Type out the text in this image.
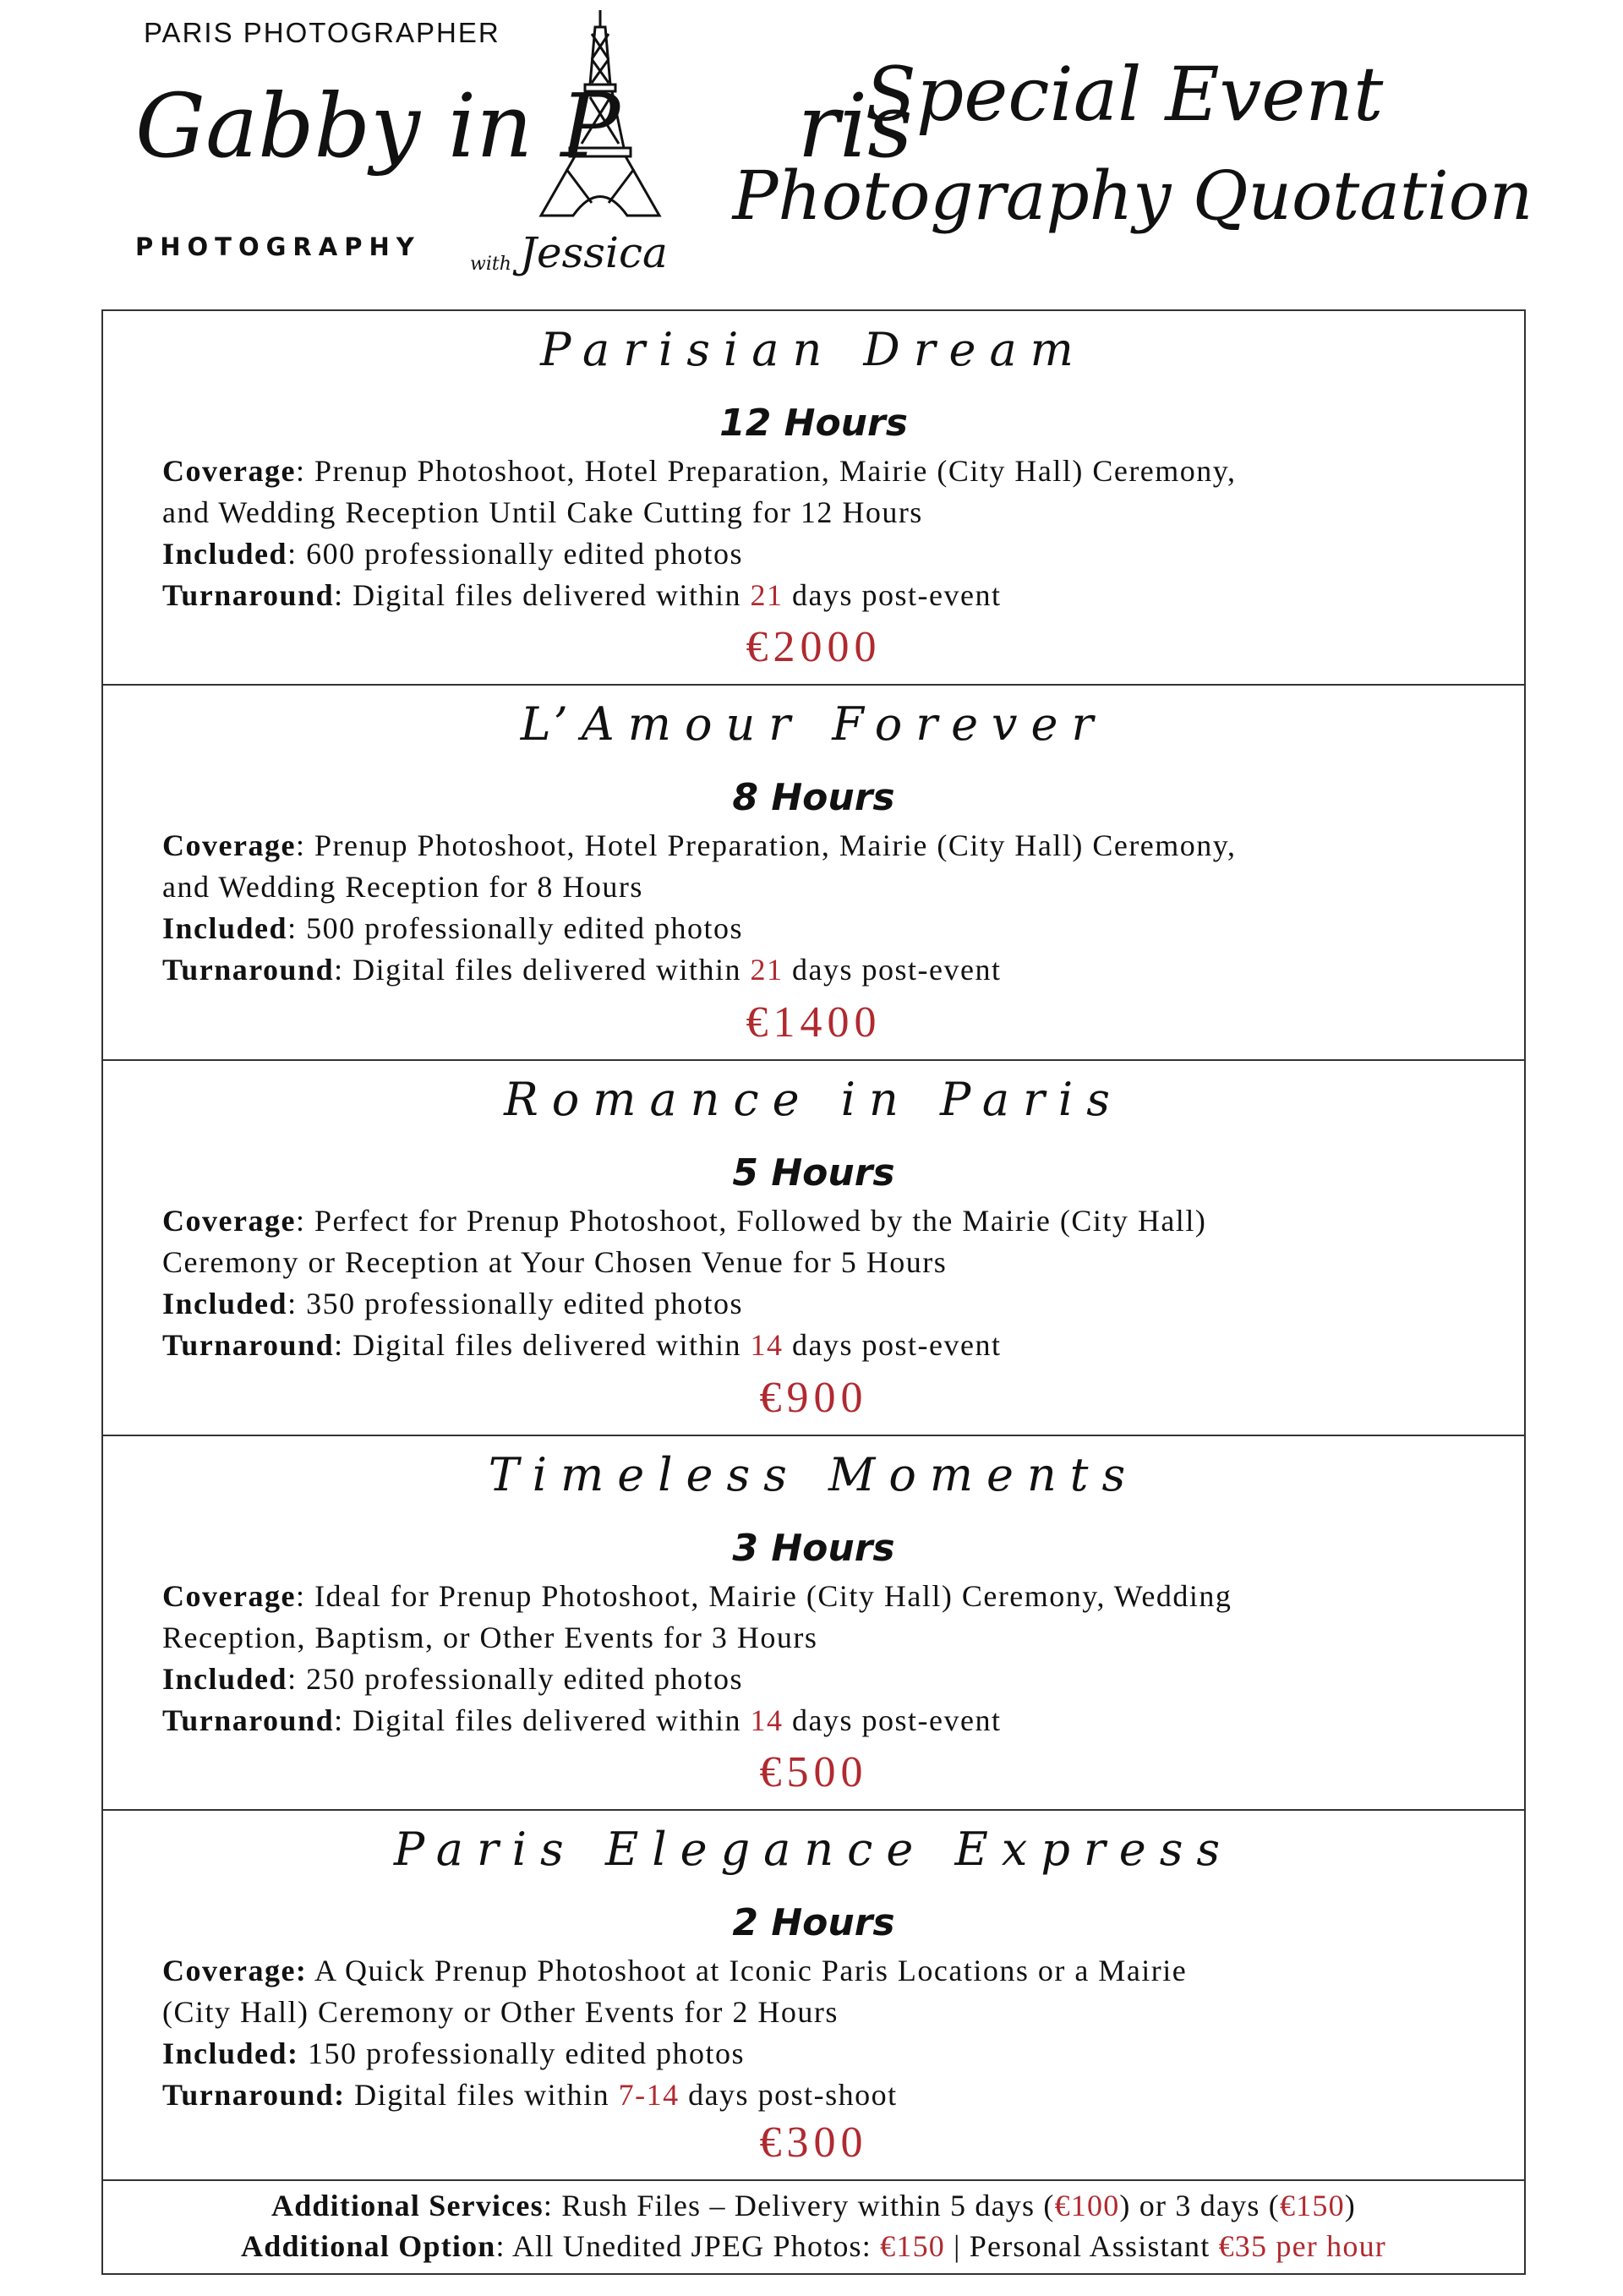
PARIS PHOTOGRAPHER
Gabby in P ris
PHOTOGRAPHY
with Jessica
Special Event
Photography Quotation
Parisian Dream
12 Hours
Coverage: Prenup Photoshoot, Hotel Preparation, Mairie (City Hall) Ceremony,
and Wedding Reception Until Cake Cutting for 12 Hours
Included: 600 professionally edited photos
Turnaround: Digital files delivered within 21 days post-event
€2000
L’Amour Forever
8 Hours
Coverage: Prenup Photoshoot, Hotel Preparation, Mairie (City Hall) Ceremony,
and Wedding Reception for 8 Hours
Included: 500 professionally edited photos
Turnaround: Digital files delivered within 21 days post-event
€1400
Romance in Paris
5 Hours
Coverage: Perfect for Prenup Photoshoot, Followed by the Mairie (City Hall)
Ceremony or Reception at Your Chosen Venue for 5 Hours
Included: 350 professionally edited photos
Turnaround: Digital files delivered within 14 days post-event
€900
Timeless Moments
3 Hours
Coverage: Ideal for Prenup Photoshoot, Mairie (City Hall) Ceremony, Wedding
Reception, Baptism, or Other Events for 3 Hours
Included: 250 professionally edited photos
Turnaround: Digital files delivered within 14 days post-event
€500
Paris Elegance Express
2 Hours
Coverage: A Quick Prenup Photoshoot at Iconic Paris Locations or a Mairie
(City Hall) Ceremony or Other Events for 2 Hours
Included: 150 professionally edited photos
Turnaround: Digital files within 7-14 days post-shoot
€300
Additional Services: Rush Files – Delivery within 5 days (€100) or 3 days (€150)
Additional Option: All Unedited JPEG Photos: €150 | Personal Assistant €35 per hour
